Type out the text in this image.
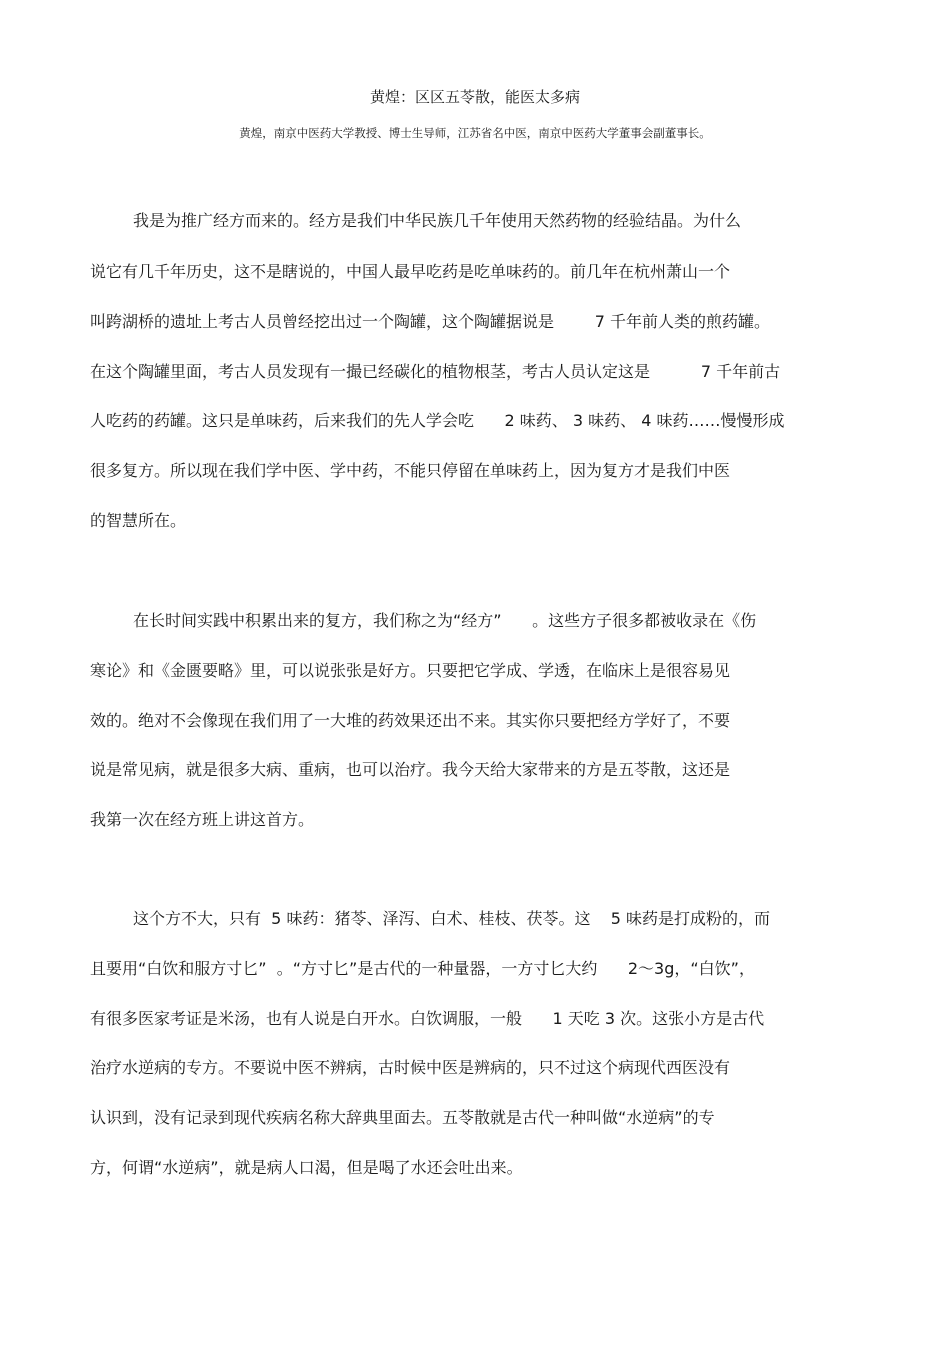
黄煌：区区五苓散，能医太多病
黄煌，南京中医药大学教授、博士生导师，江苏省名中医，南京中医药大学董事会副董事长。
我是为推广经方而来的。经方是我们中华民族几千年使用天然药物的经验结晶。为什么
说它有几千年历史，这不是瞎说的，中国人最早吃药是吃单味药的。前几年在杭州萧山一个
叫跨湖桥的遗址上考古人员曾经挖出过一个陶罐，这个陶罐据说是        7 千年前人类的煎药罐。
在这个陶罐里面，考古人员发现有一撮已经碳化的植物根茎，考古人员认定这是          7 千年前古
人吃药的药罐。这只是单味药，后来我们的先人学会吃      2 味药、 3 味药、 4 味药……慢慢形成
很多复方。所以现在我们学中医、学中药，不能只停留在单味药上，因为复方才是我们中医
的智慧所在。
在长时间实践中积累出来的复方，我们称之为“经方”      。这些方子很多都被收录在《伤
寒论》和《金匮要略》里，可以说张张是好方。只要把它学成、学透，在临床上是很容易见
效的。绝对不会像现在我们用了一大堆的药效果还出不来。其实你只要把经方学好了，不要
说是常见病，就是很多大病、重病，也可以治疗。我今天给大家带来的方是五苓散，这还是
我第一次在经方班上讲这首方。
这个方不大，只有  5 味药：猪苓、泽泻、白术、桂枝、茯苓。这    5 味药是打成粉的，而
且要用“白饮和服方寸匕”  。“方寸匕”是古代的一种量器，一方寸匕大约      2～3g，“白饮”，
有很多医家考证是米汤，也有人说是白开水。白饮调服，一般      1 天吃 3 次。这张小方是古代
治疗水逆病的专方。不要说中医不辨病，古时候中医是辨病的，只不过这个病现代西医没有
认识到，没有记录到现代疾病名称大辞典里面去。五苓散就是古代一种叫做“水逆病”的专
方，何谓“水逆病”，就是病人口渴，但是喝了水还会吐出来。
